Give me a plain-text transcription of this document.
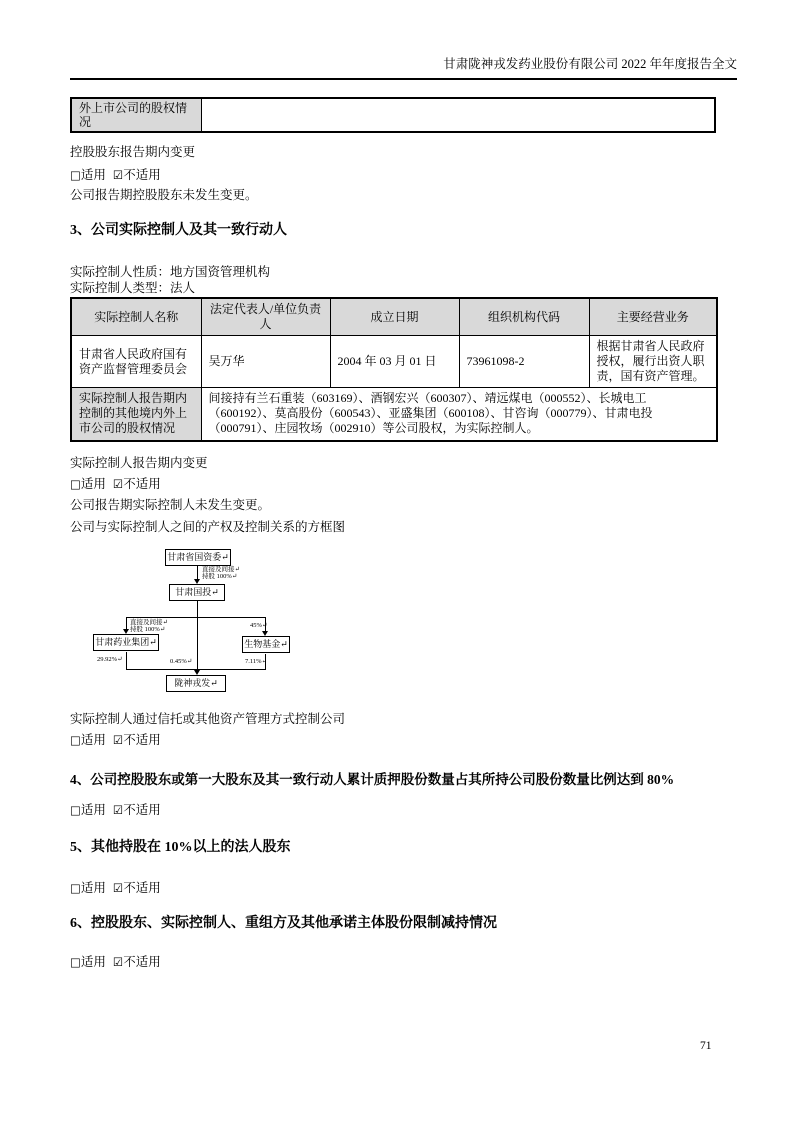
甘肃陇神戎发药业股份有限公司 2022 年年度报告全文
外上市公司的股权情况	

控股股东报告期内变更

□适用 ☑不适用

公司报告期控股股东未发生变更。

3、公司实际控制人及其一致行动人

实际控制人性质：地方国资管理机构

实际控制人类型：法人

实际控制人名称	法定代表人/单位负责人	成立日期	组织机构代码	主要经营业务
甘肃省人民政府国有资产监督管理委员会	吴万华	2004 年 03 月 01 日	73961098-2	根据甘肃省人民政府授权，履行出资人职责，国有资产管理。
实际控制人报告期内控制的其他境内外上市公司的股权情况	间接持有兰石重装（603169）、酒钢宏兴（600307）、靖远煤电（000552）、长城电工（600192）、莫高股份（600543）、亚盛集团（600108）、甘咨询（000779）、甘肃电投（000791）、庄园牧场（002910）等公司股权，为实际控制人。			

实际控制人报告期内变更

□适用 ☑不适用

公司报告期实际控制人未发生变更。

公司与实际控制人之间的产权及控制关系的方框图

甘肃省国资委↵
甘肃国投↵
甘肃药业集团↵	生物基金↵
陇神戎发↵
直接及间接↵
持股 100%↵
直接及间接↵
持股 100%↵
45%↵
29.92%↵	0.45%↵	7.11%↵

实际控制人通过信托或其他资产管理方式控制公司

□适用 ☑不适用
4、公司控股股东或第一大股东及其一致行动人累计质押股份数量占其所持公司股份数量比例达到 80%
□适用 ☑不适用
5、其他持股在 10%以上的法人股东
□适用 ☑不适用
6、控股股东、实际控制人、重组方及其他承诺主体股份限制减持情况
□适用 ☑不适用
71
